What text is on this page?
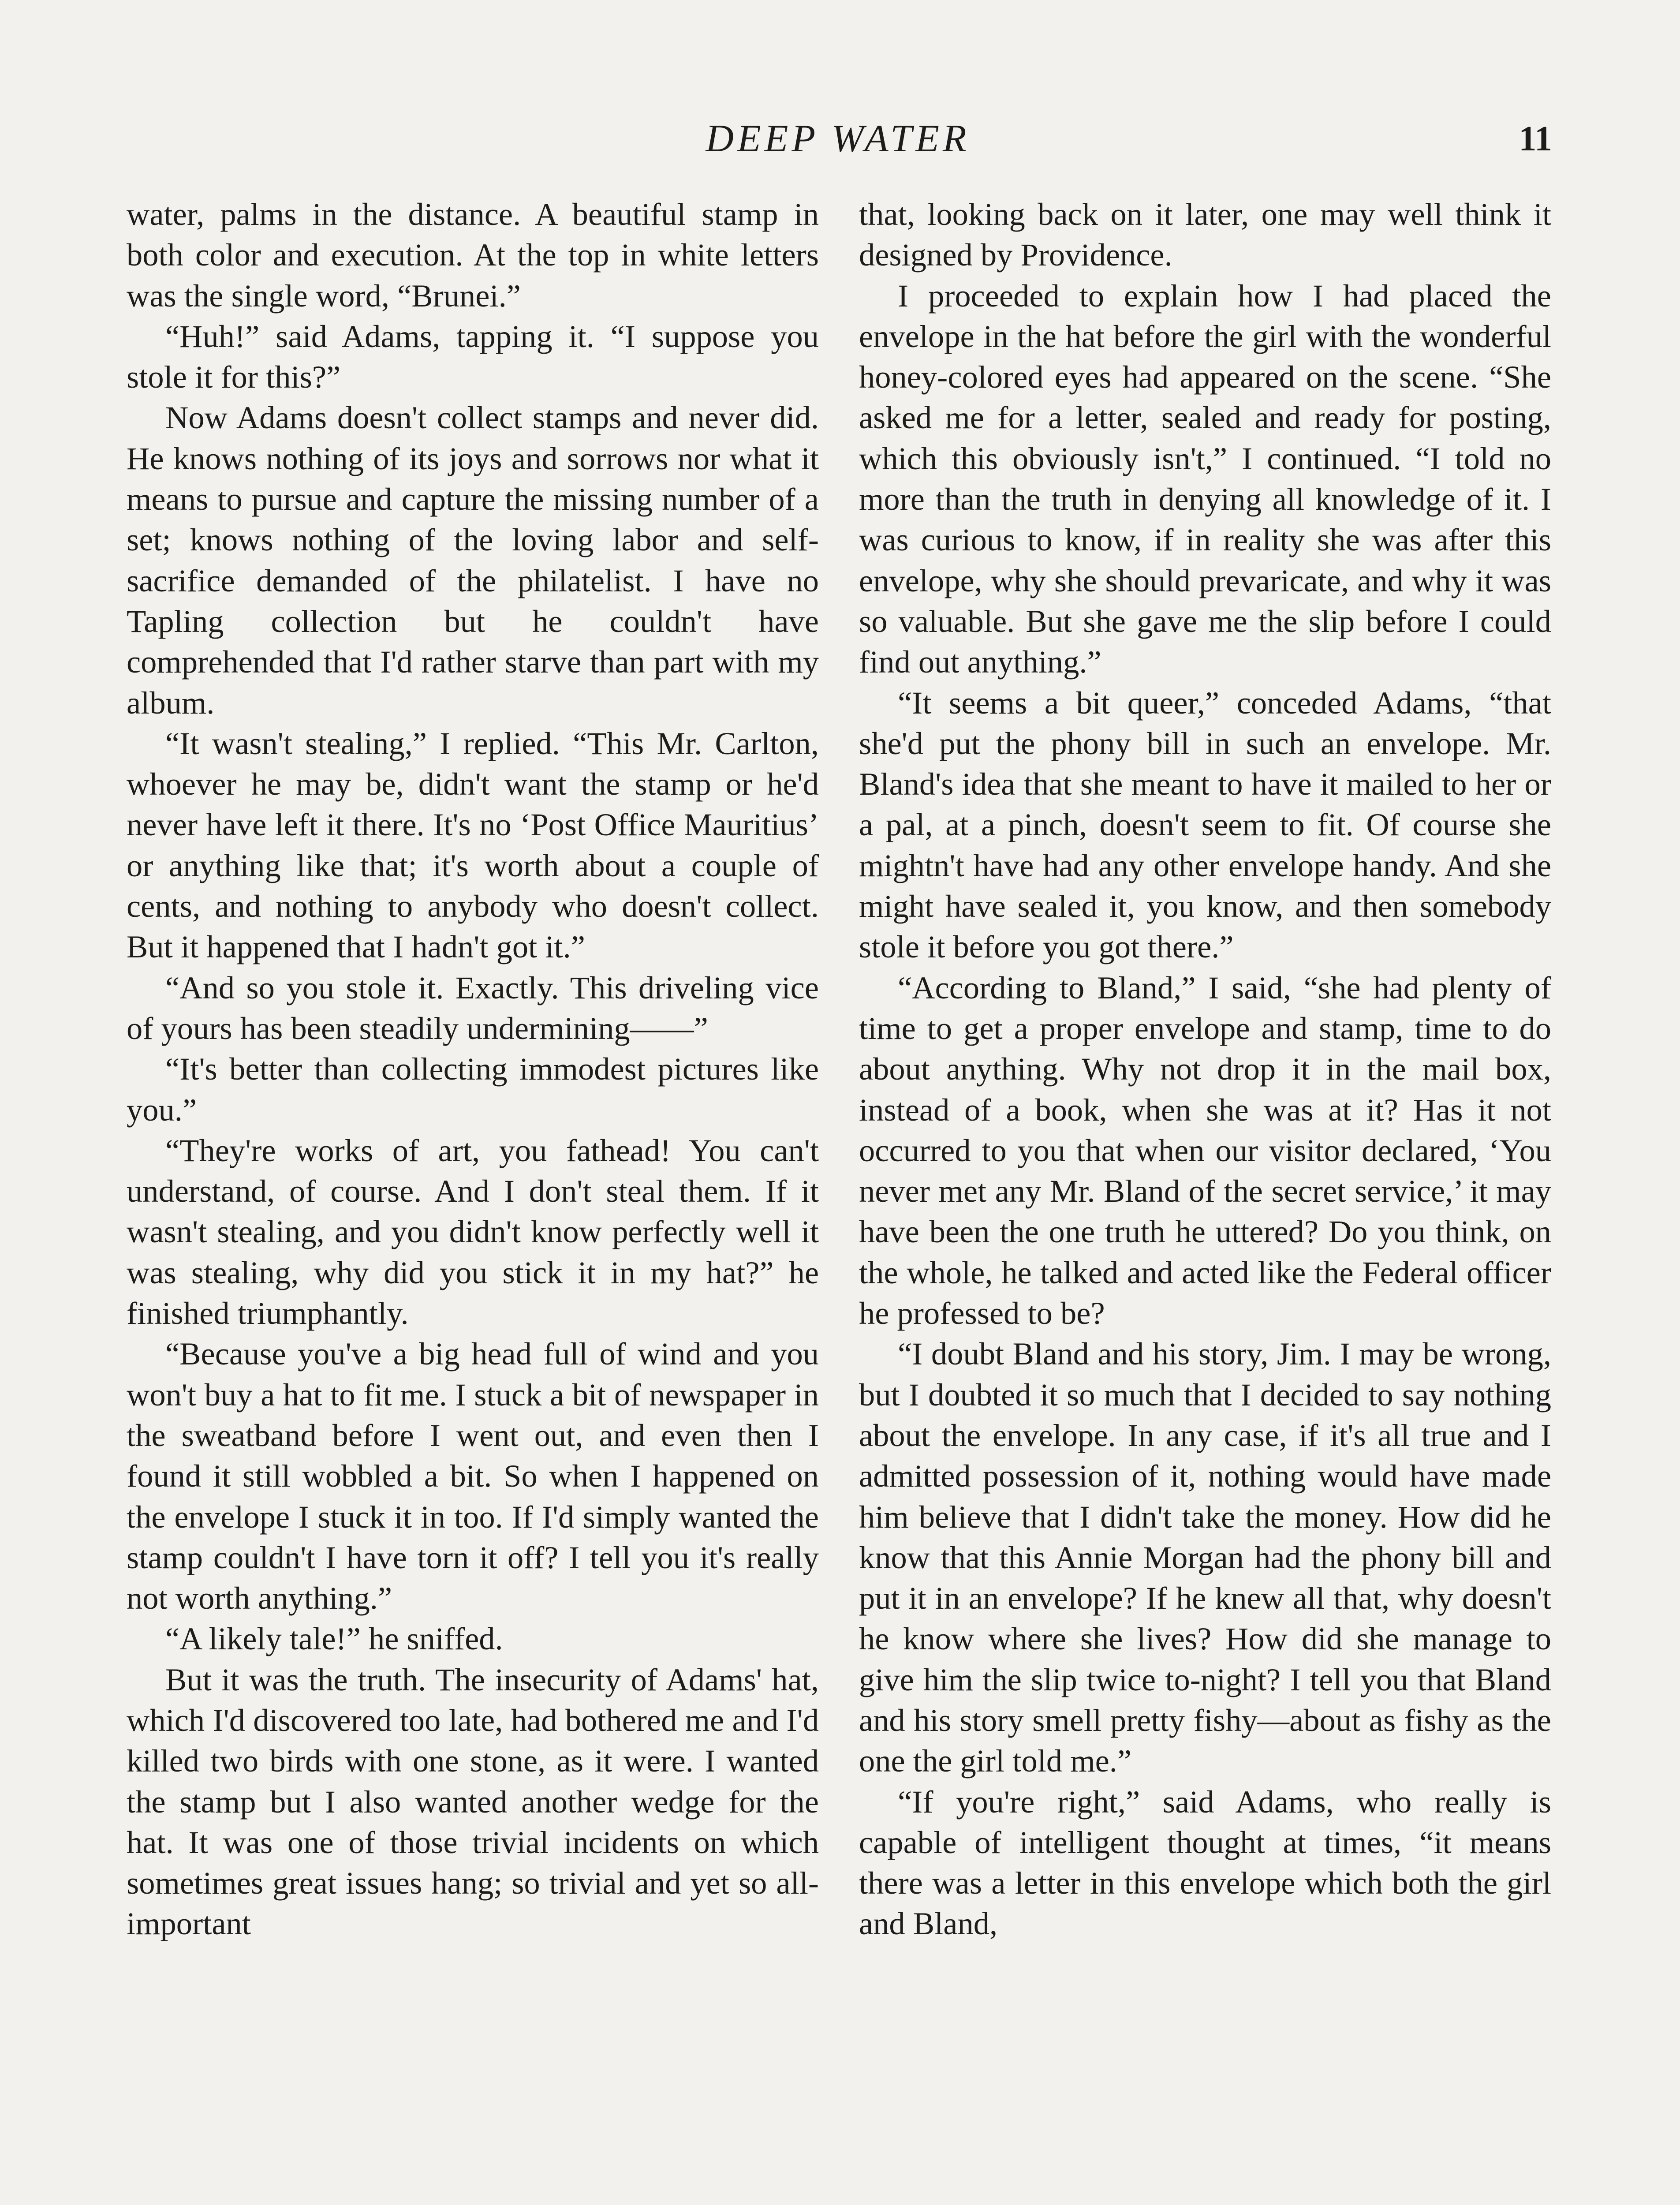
DEEP WATER	11

water, palms in the distance. A beautiful stamp in both color and execution. At the top in white letters was the single word, “Brunei.”

“Huh!” said Adams, tapping it. “I suppose you stole it for this?”

Now Adams doesn't collect stamps and never did. He knows nothing of its joys and sorrows nor what it means to pursue and capture the missing number of a set; knows nothing of the loving labor and self-sacrifice demanded of the philatelist. I have no Tapling collection but he couldn't have comprehended that I'd rather starve than part with my album.

“It wasn't stealing,” I replied. “This Mr. Carlton, whoever he may be, didn't want the stamp or he'd never have left it there. It's no ‘Post Office Mauritius’ or anything like that; it's worth about a couple of cents, and nothing to anybody who doesn't collect. But it happened that I hadn't got it.”

“And so you stole it. Exactly. This driveling vice of yours has been steadily undermining——”

“It's better than collecting immodest pictures like you.”

“They're works of art, you fathead! You can't understand, of course. And I don't steal them. If it wasn't stealing, and you didn't know perfectly well it was stealing, why did you stick it in my hat?” he finished triumphantly.

“Because you've a big head full of wind and you won't buy a hat to fit me. I stuck a bit of newspaper in the sweatband before I went out, and even then I found it still wobbled a bit. So when I happened on the envelope I stuck it in too. If I'd simply wanted the stamp couldn't I have torn it off? I tell you it's really not worth anything.”

“A likely tale!” he sniffed.

But it was the truth. The insecurity of Adams' hat, which I'd discovered too late, had bothered me and I'd killed two birds with one stone, as it were. I wanted the stamp but I also wanted another wedge for the hat. It was one of those trivial incidents on which sometimes great issues hang; so trivial and yet so all-important

that, looking back on it later, one may well think it designed by Providence.

I proceeded to explain how I had placed the envelope in the hat before the girl with the wonderful honey-colored eyes had appeared on the scene. “She asked me for a letter, sealed and ready for posting, which this obviously isn't,” I continued. “I told no more than the truth in denying all knowledge of it. I was curious to know, if in reality she was after this envelope, why she should prevaricate, and why it was so valuable. But she gave me the slip before I could find out anything.”

“It seems a bit queer,” conceded Adams, “that she'd put the phony bill in such an envelope. Mr. Bland's idea that she meant to have it mailed to her or a pal, at a pinch, doesn't seem to fit. Of course she mightn't have had any other envelope handy. And she might have sealed it, you know, and then somebody stole it before you got there.”

“According to Bland,” I said, “she had plenty of time to get a proper envelope and stamp, time to do about anything. Why not drop it in the mail box, instead of a book, when she was at it? Has it not occurred to you that when our visitor declared, ‘You never met any Mr. Bland of the secret service,’ it may have been the one truth he uttered? Do you think, on the whole, he talked and acted like the Federal officer he professed to be?

“I doubt Bland and his story, Jim. I may be wrong, but I doubted it so much that I decided to say nothing about the envelope. In any case, if it's all true and I admitted possession of it, nothing would have made him believe that I didn't take the money. How did he know that this Annie Morgan had the phony bill and put it in an envelope? If he knew all that, why doesn't he know where she lives? How did she manage to give him the slip twice to-night? I tell you that Bland and his story smell pretty fishy—about as fishy as the one the girl told me.”

“If you're right,” said Adams, who really is capable of intelligent thought at times, “it means there was a letter in this envelope which both the girl and Bland,
